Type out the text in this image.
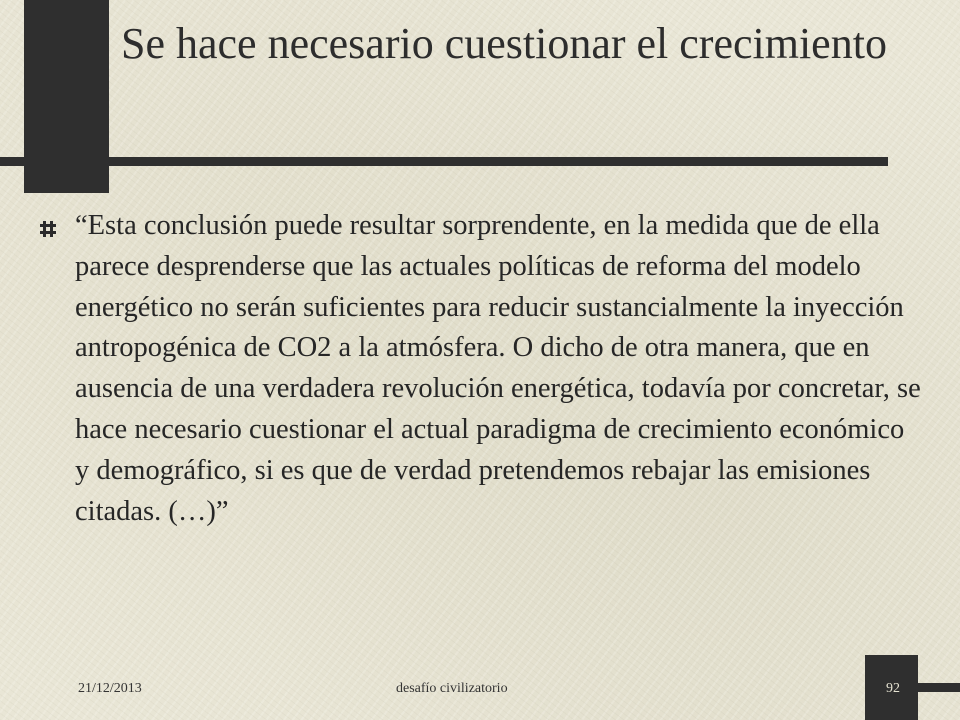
Se hace necesario cuestionar el crecimiento

“Esta conclusión puede resultar sorprendente, en la medida que de ella parece desprenderse que las actuales políticas de reforma del modelo energético no serán suficientes para reducir sustancialmente la inyección antropogénica de CO2 a la atmósfera. O dicho de otra manera, que en ausencia de una verdadera revolución energética, todavía por concretar, se hace necesario cuestionar el actual paradigma de crecimiento económico y demográfico, si es que de verdad pretendemos rebajar las emisiones citadas. (…)”

21/12/2013	desafío civilizatorio	92
